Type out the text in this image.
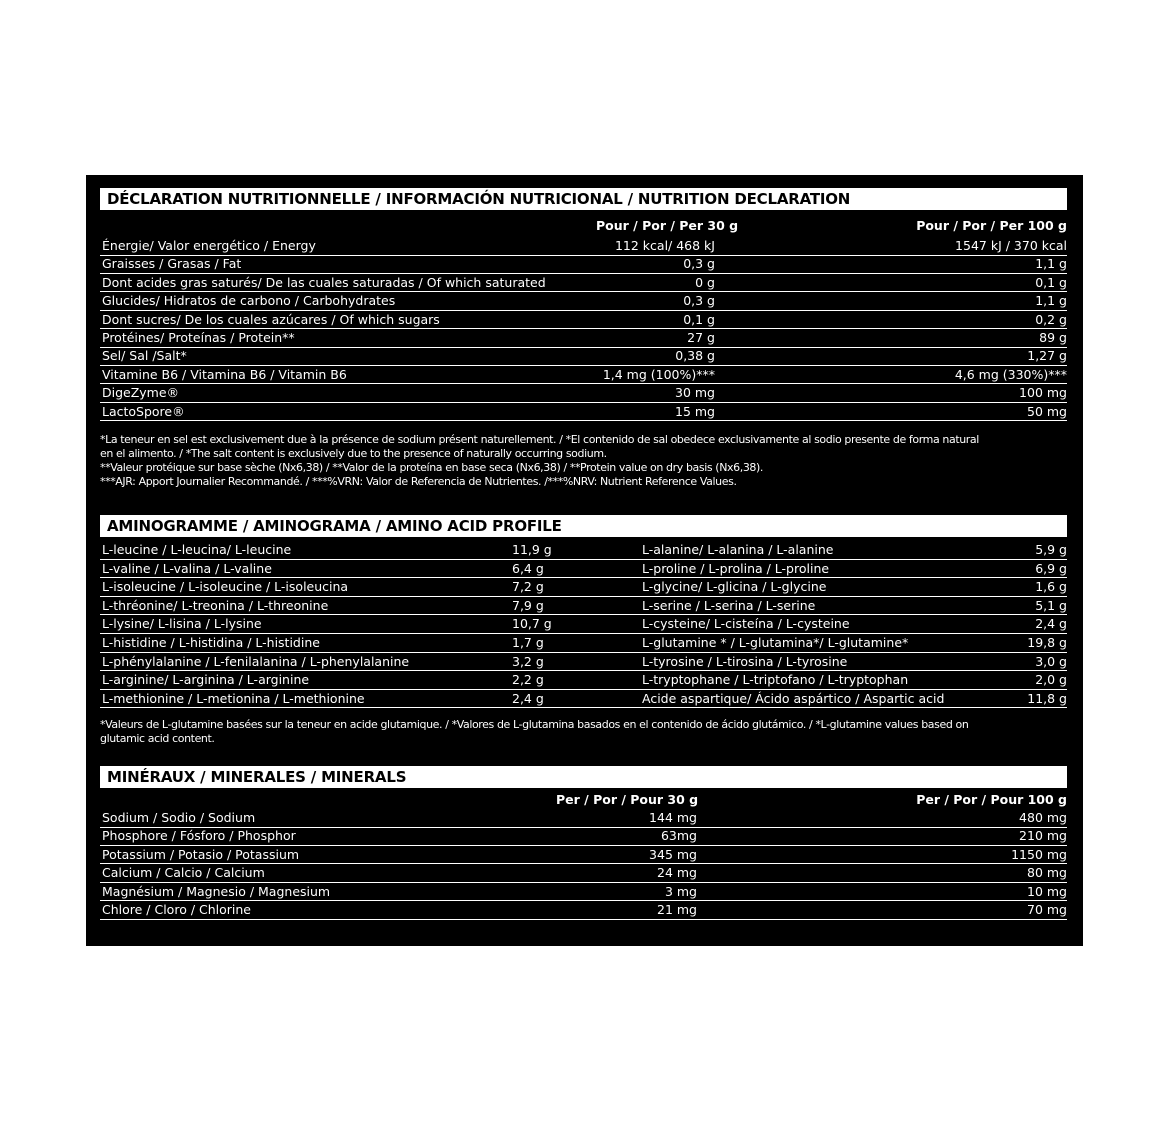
DÉCLARATION NUTRITIONNELLE / INFORMACIÓN NUTRICIONAL / NUTRITION DECLARATION
Pour / Por / Per 30 g	Pour / Por / Per 100 g
Énergie/ Valor energético / Energy	112 kcal/ 468 kJ	1547 kJ / 370 kcal
Graisses / Grasas / Fat	0,3 g	1,1 g
Dont acides gras saturés/ De las cuales saturadas / Of which saturated	0 g	0,1 g
Glucides/ Hidratos de carbono / Carbohydrates	0,3 g	1,1 g
Dont sucres/ De los cuales azúcares / Of which sugars	0,1 g	0,2 g
Protéines/ Proteínas / Protein**	27 g	89 g
Sel/ Sal /Salt*	0,38 g	1,27 g
Vitamine B6 / Vitamina B6 / Vitamin B6	1,4 mg (100%)***	4,6 mg (330%)***
DigeZyme®	30 mg	100 mg
LactoSpore®	15 mg	50 mg
*La teneur en sel est exclusivement due à la présence de sodium présent naturellement. / *El contenido de sal obedece exclusivamente al sodio presente de forma natural
en el alimento. / *The salt content is exclusively due to the presence of naturally occurring sodium.
**Valeur protéique sur base sèche (Nx6,38) / **Valor de la proteína en base seca (Nx6,38) / **Protein value on dry basis (Nx6,38).
***AJR: Apport Journalier Recommandé. / ***%VRN: Valor de Referencia de Nutrientes. /***%NRV: Nutrient Reference Values.
AMINOGRAMME / AMINOGRAMA / AMINO ACID PROFILE
L-leucine / L-leucina/ L-leucine	11,9 g	L-alanine/ L-alanina / L-alanine	5,9 g
L-valine / L-valina / L-valine	6,4 g	L-proline / L-prolina / L-proline	6,9 g
L-isoleucine / L-isoleucine / L-isoleucina	7,2 g	L-glycine/ L-glicina / L-glycine	1,6 g
L-thréonine/ L-treonina / L-threonine	7,9 g	L-serine / L-serina / L-serine	5,1 g
L-lysine/ L-lisina / L-lysine	10,7 g	L-cysteine/ L-cisteína / L-cysteine	2,4 g
L-histidine / L-histidina / L-histidine	1,7 g	L-glutamine * / L-glutamina*/ L-glutamine*	19,8 g
L-phénylalanine / L-fenilalanina / L-phenylalanine	3,2 g	L-tyrosine / L-tirosina / L-tyrosine	3,0 g
L-arginine/ L-arginina / L-arginine	2,2 g	L-tryptophane / L-triptofano / L-tryptophan	2,0 g
L-methionine / L-metionina / L-methionine	2,4 g	Acide aspartique/ Ácido aspártico / Aspartic acid	11,8 g
*Valeurs de L-glutamine basées sur la teneur en acide glutamique. / *Valores de L-glutamina basados en el contenido de ácido glutámico. / *L-glutamine values based on
glutamic acid content.
MINÉRAUX / MINERALES / MINERALS
Per / Por / Pour 30 g	Per / Por / Pour 100 g
Sodium / Sodio / Sodium	144 mg	480 mg
Phosphore / Fósforo / Phosphor	63mg	210 mg
Potassium / Potasio / Potassium	345 mg	1150 mg
Calcium / Calcio / Calcium	24 mg	80 mg
Magnésium / Magnesio / Magnesium	3 mg	10 mg
Chlore / Cloro / Chlorine	21 mg	70 mg
